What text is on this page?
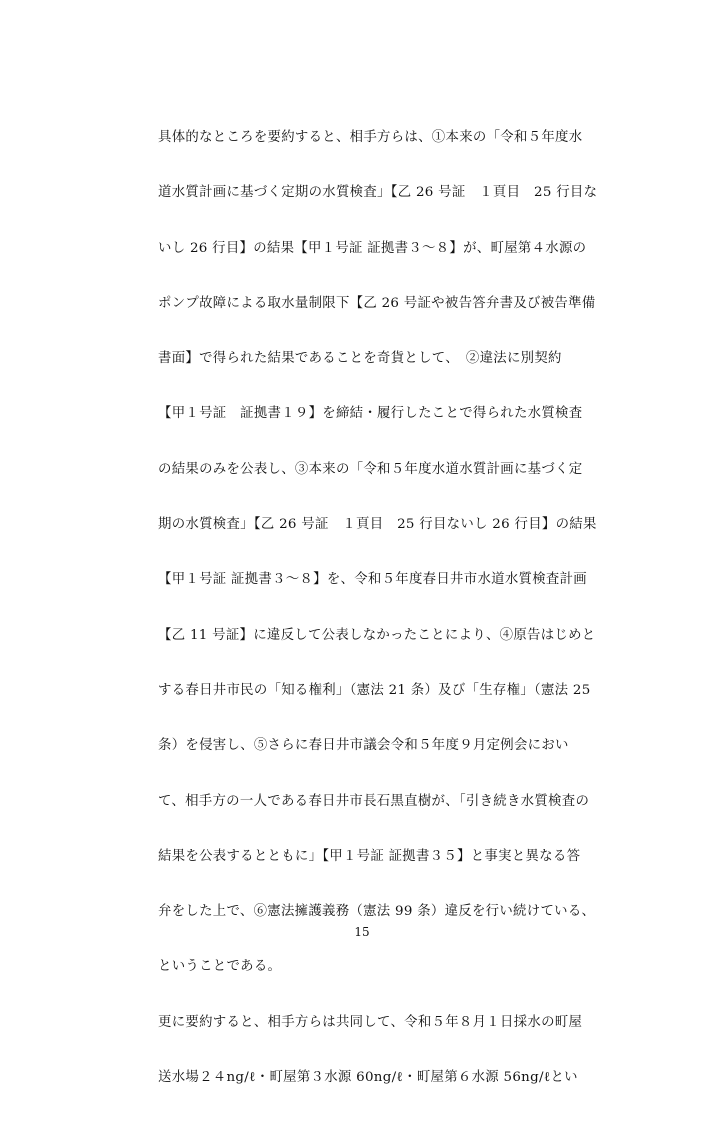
具体的なところを要約すると、相手方らは、①本来の「令和５年度水
道水質計画に基づく定期の水質検査」【乙 26 号証　１頁目　25 行目な
いし 26 行目】の結果【甲１号証 証拠書３〜８】が、町屋第４水源の
ポンプ故障による取水量制限下【乙 26 号証や被告答弁書及び被告準備
書面】で得られた結果であることを奇貨として、　②違法に別契約
【甲１号証　証拠書１９】を締結・履行したことで得られた水質検査
の結果のみを公表し、③本来の「令和５年度水道水質計画に基づく定
期の水質検査」【乙 26 号証　１頁目　25 行目ないし 26 行目】の結果
【甲１号証 証拠書３〜８】を、令和５年度春日井市水道水質検査計画
【乙 11 号証】に違反して公表しなかったことにより、④原告はじめと
する春日井市民の「知る権利」（憲法 21 条）及び「生存権」（憲法 25
条）を侵害し、⑤さらに春日井市議会令和５年度９月定例会におい
て、相手方の一人である春日井市長石黒直樹が、「引き続き水質検査の
結果を公表するとともに」【甲１号証 証拠書３５】と事実と異なる答
弁をした上で、⑥憲法擁護義務（憲法 99 条）違反を行い続けている、
ということである。
更に要約すると、相手方らは共同して、令和５年８月１日採水の町屋
送水場２４ng/ℓ・町屋第３水源 60ng/ℓ・町屋第６水源 56ng/ℓとい
15
